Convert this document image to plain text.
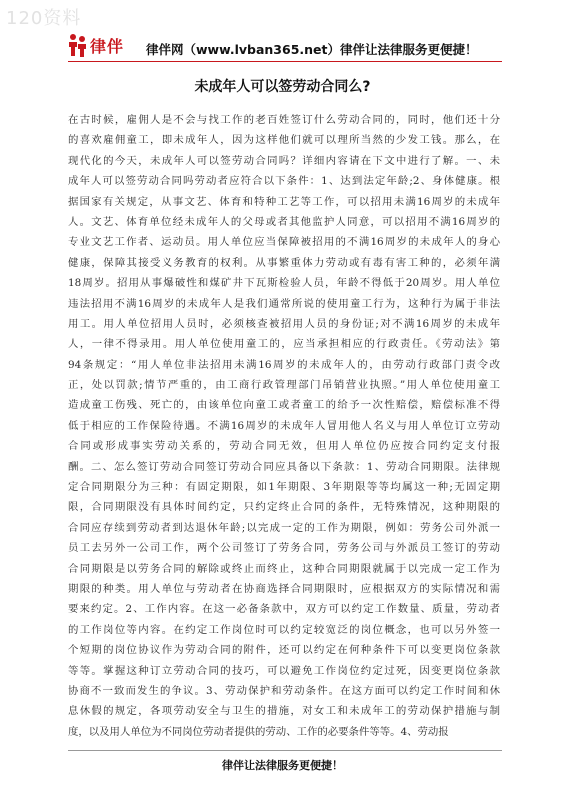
120资料
律伴 律伴网（www.lvban365.net）律伴让法律服务更便捷！
未成年人可以签劳动合同么?
在古时候，雇佣人是不会与找工作的老百姓签订什么劳动合同的，同时，他们还十分
的喜欢雇佣童工，即未成年人，因为这样他们就可以理所当然的少发工钱。那么，在
现代化的今天，未成年人可以签劳动合同吗？详细内容请在下文中进行了解。一、未
成年人可以签劳动合同吗劳动者应符合以下条件：1、达到法定年龄;2、身体健康。根
据国家有关规定，从事文艺、体育和特种工艺等工作，可以招用未满16周岁的未成年
人。文艺、体育单位经未成年人的父母或者其他监护人同意，可以招用不满16周岁的
专业文艺工作者、运动员。用人单位应当保障被招用的不满16周岁的未成年人的身心
健康，保障其接受义务教育的权利。从事繁重体力劳动或有毒有害工种的，必须年满
18周岁。招用从事爆破性和煤矿井下瓦斯检验人员，年龄不得低于20周岁。用人单位
违法招用不满16周岁的未成年人是我们通常所说的使用童工行为，这种行为属于非法
用工。用人单位招用人员时，必须核查被招用人员的身份证;对不满16周岁的未成年
人，一律不得录用。用人单位使用童工的，应当承担相应的行政责任。《劳动法》第
94条规定：“用人单位非法招用未满16周岁的未成年人的，由劳动行政部门责令改
正，处以罚款;情节严重的，由工商行政管理部门吊销营业执照。”用人单位使用童工
造成童工伤残、死亡的，由该单位向童工或者童工的给予一次性赔偿，赔偿标准不得
低于相应的工作保险待遇。不满16周岁的未成年人冒用他人名义与用人单位订立劳动
合同或形成事实劳动关系的，劳动合同无效，但用人单位仍应按合同约定支付报
酬。二、怎么签订劳动合同签订劳动合同应具备以下条款：1、劳动合同期限。法律规
定合同期限分为三种：有固定期限，如1年期限、3年期限等等均属这一种;无固定期
限，合同期限没有具体时间约定，只约定终止合同的条件，无特殊情况，这种期限的
合同应存续到劳动者到达退休年龄;以完成一定的工作为期限，例如：劳务公司外派一
员工去另外一公司工作，两个公司签订了劳务合同，劳务公司与外派员工签订的劳动
合同期限是以劳务合同的解除或终止而终止，这种合同期限就属于以完成一定工作为
期限的种类。用人单位与劳动者在协商选择合同期限时，应根据双方的实际情况和需
要来约定。2、工作内容。在这一必备条款中，双方可以约定工作数量、质量，劳动者
的工作岗位等内容。在约定工作岗位时可以约定较宽泛的岗位概念，也可以另外签一
个短期的岗位协议作为劳动合同的附件，还可以约定在何种条件下可以变更岗位条款
等等。掌握这种订立劳动合同的技巧，可以避免工作岗位约定过死，因变更岗位条款
协商不一致而发生的争议。3、劳动保护和劳动条件。在这方面可以约定工作时间和休
息休假的规定，各项劳动安全与卫生的措施，对女工和未成年工的劳动保护措施与制
度，以及用人单位为不同岗位劳动者提供的劳动、工作的必要条件等等。4、劳动报
律伴让法律服务更便捷！
